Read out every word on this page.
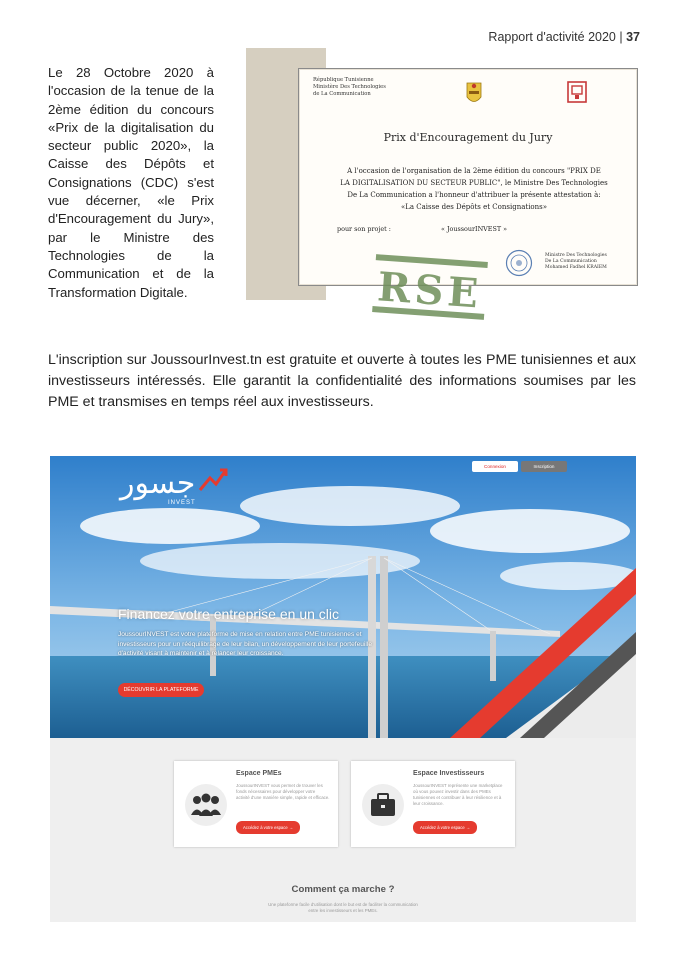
Rapport d'activité 2020 | 37
Le 28 Octobre 2020 à l'occasion de la tenue de la 2ème édition du concours «Prix de la digitalisation du secteur public 2020», la Caisse des Dépôts et Consignations (CDC) s'est vue décerner, «le Prix d'Encouragement du Jury», par le Ministre des Technologies de la Communication et de la Transformation Digitale.
République Tunisienne
Ministère Des Technologies
de La Communication
Prix d'Encouragement du Jury
A l'occasion de l'organisation de la 2ème édition du concours "PRIX DE
LA DIGITALISATION DU SECTEUR PUBLIC", le Ministre Des Technologies
De La Communication a l'honneur d'attribuer la présente attestation à:
«La Caisse des Dépôts et Consignations»
pour son projet :	« JoussourINVEST »
Ministre Des Technologies
De La Communication
Mohamed Fadhel KRAIEM
RSE
L'inscription sur JoussourInvest.tn est gratuite et ouverte à toutes les PME tunisiennes et aux investisseurs intéressés. Elle garantit la confidentialité des informations soumises par les PME et transmises en temps réel aux investisseurs.
جسور
INVEST
Connexion	Inscription
Financez votre entreprise en un clic
JoussourINVEST est votre plateforme de mise en relation entre PME tunisiennes et investisseurs pour un rééquilibrage de leur bilan, un développement de leur portefeuille d'activité visant à maintenir et à relancer leur croissance.
DÉCOUVRIR LA PLATEFORME
Espace PMEs
JoussourINVEST vous permet de trouver les fonds nécessaires pour développer votre activité d'une manière simple, rapide et efficace.
Accédez à votre espace →
Espace Investisseurs
JoussourINVEST représente une marketplace où vous pouvez investir dans des PMEs tunisiennes et contribuer à leur résilience et à leur croissance.
Accédez à votre espace →
Comment ça marche ?
Une plateforme facile d'utilisation dont le but est de faciliter la communication entre les investisseurs et les PMEs.
